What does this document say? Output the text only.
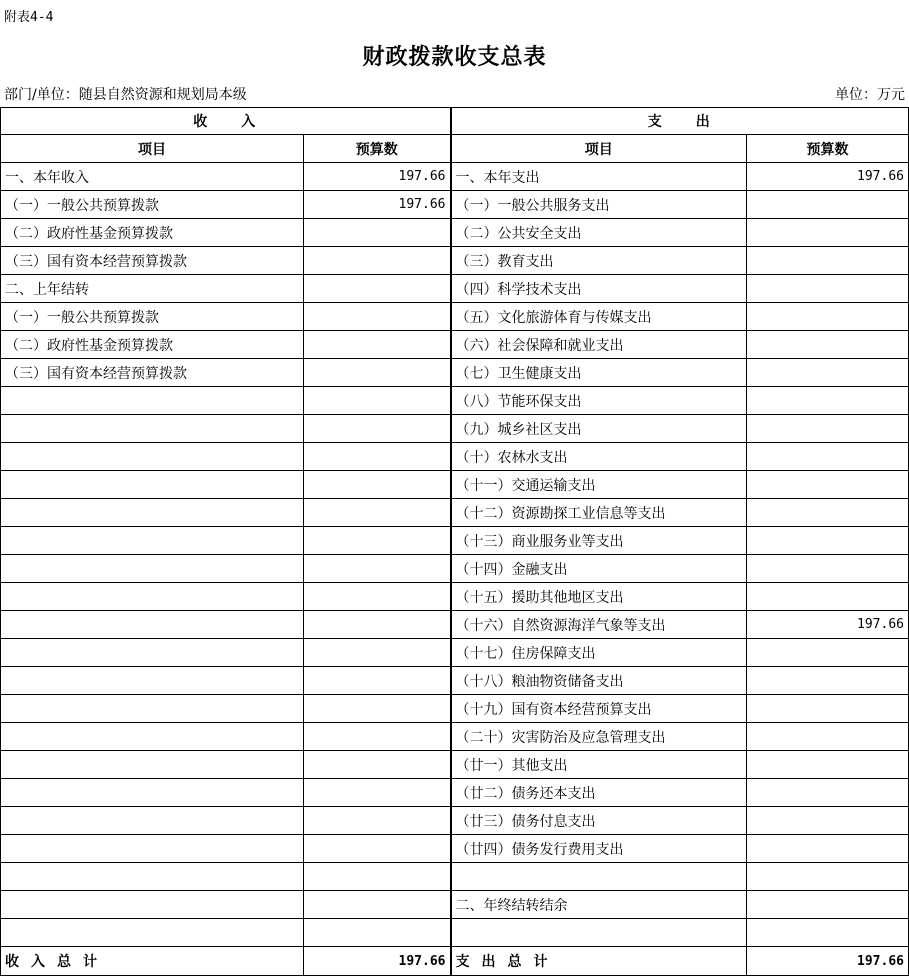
附表4-4
财政拨款收支总表
部门/单位：随县自然资源和规划局本级	单位：万元
收　　入		支　　出	
项目	预算数	项目	预算数
一、本年收入	197.66	一、本年支出	197.66
（一）一般公共预算拨款	197.66	（一）一般公共服务支出	
（二）政府性基金预算拨款		（二）公共安全支出	
（三）国有资本经营预算拨款		（三）教育支出	
二、上年结转		（四）科学技术支出	
（一）一般公共预算拨款		（五）文化旅游体育与传媒支出	
（二）政府性基金预算拨款		（六）社会保障和就业支出	
（三）国有资本经营预算拨款		（七）卫生健康支出	
		（八）节能环保支出	
		（九）城乡社区支出	
		（十）农林水支出	
		（十一）交通运输支出	
		（十二）资源勘探工业信息等支出	
		（十三）商业服务业等支出	
		（十四）金融支出	
		（十五）援助其他地区支出	
		（十六）自然资源海洋气象等支出	197.66
		（十七）住房保障支出	
		（十八）粮油物资储备支出	
		（十九）国有资本经营预算支出	
		（二十）灾害防治及应急管理支出	
		（廿一）其他支出	
		（廿二）债务还本支出	
		（廿三）债务付息支出	
		（廿四）债务发行费用支出	

		二、年终结转结余	

收入总计	197.66	支出总计	197.66
